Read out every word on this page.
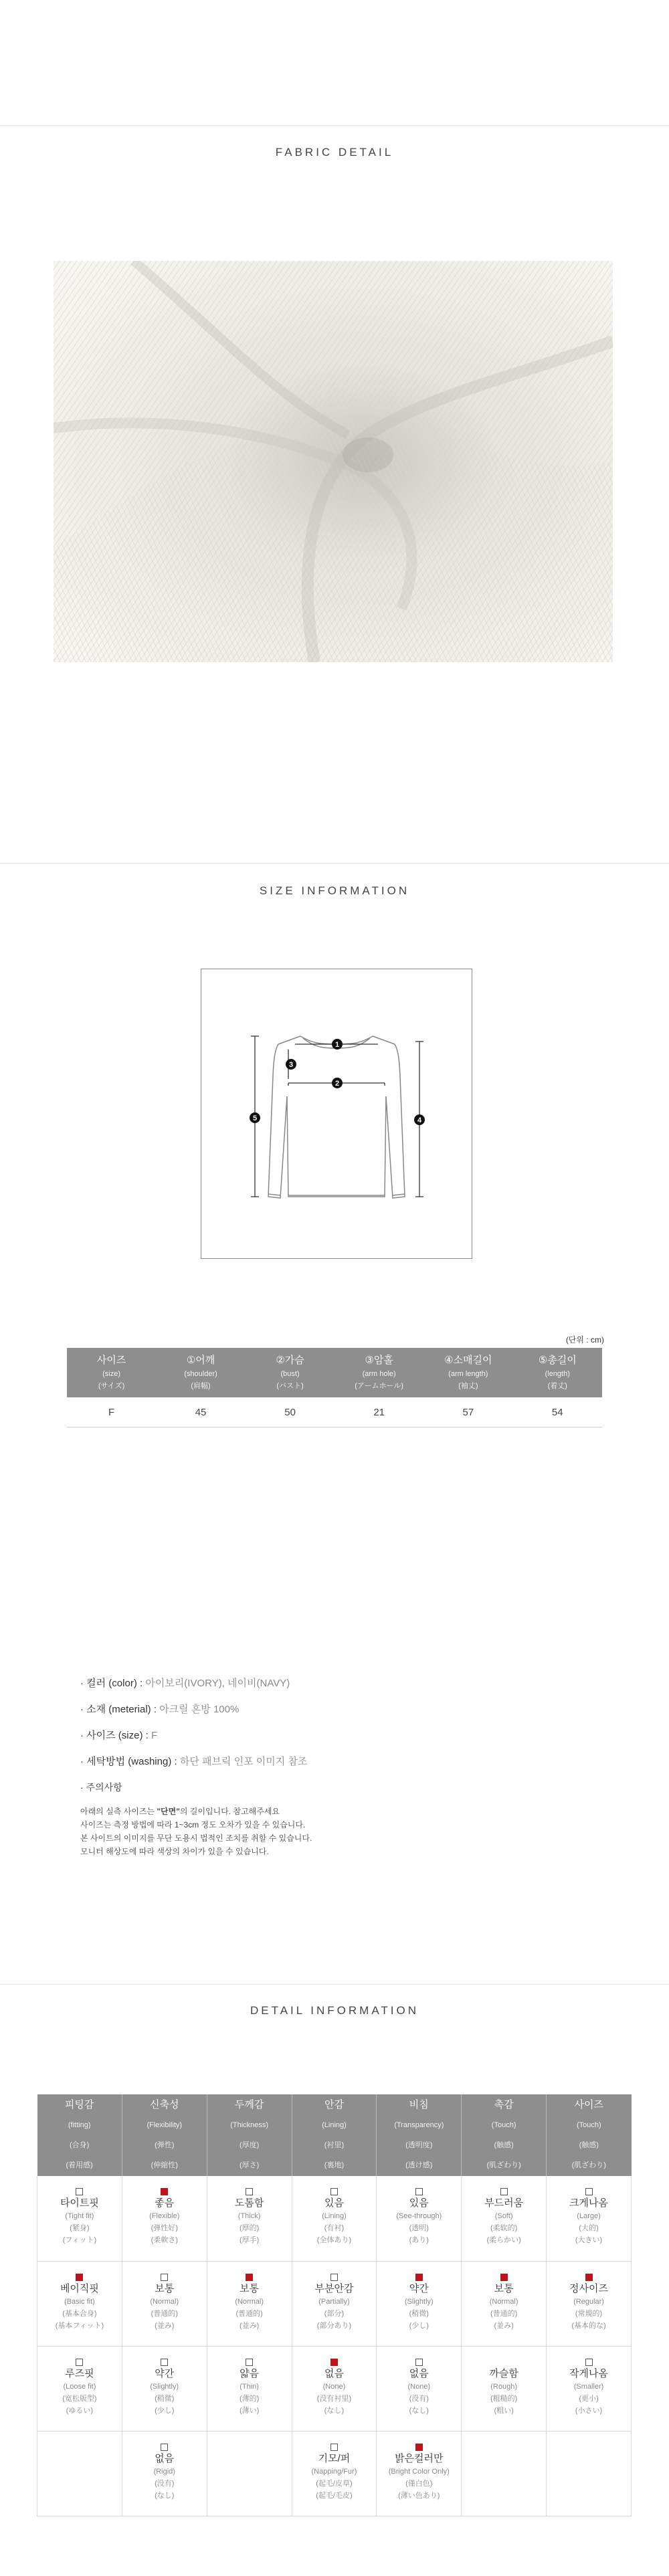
FABRIC DETAIL
SIZE INFORMATION
1
2
3
4
5
(단위 : cm)
사이즈
(size)
(サイズ)	①어깨
(shoulder)
(肩幅)	②가슴
(bust)
(バスト)	③암홀
(arm hole)
(アームホール)	④소매길이
(arm length)
(袖丈)	⑤총길이
(length)
(着丈)

F	45	50	21	57	54
· 컬러 (color) : 아이보리(IVORY), 네이비(NAVY)
· 소재 (meterial) : 아크릴 혼방 100%
· 사이즈 (size) : F
· 세탁방법 (washing) : 하단 패브릭 인포 이미지 참조
· 주의사항
아래의 실측 사이즈는 "단면"의 길이입니다. 참고해주세요
사이즈는 측정 방법에 따라 1~3cm 정도 오차가 있을 수 있습니다.
본 사이트의 이미지를 무단 도용시 법적인 조치를 취할 수 있습니다.
모니터 해상도에 따라 색상의 차이가 있을 수 있습니다.
DETAIL INFORMATION
피팅감
(fitting)
(合身)
(着用感)	신축성
(Flexibility)
(弹性)
(伸縮性)	두께감
(Thickness)
(厚度)
(厚さ)	안감
(Lining)
(衬里)
(裏地)	비침
(Transparency)
(透明度)
(透け感)	촉감
(Touch)
(触感)
(肌ざわり)	사이즈
(Touch)
(触感)
(肌ざわり)

타이트핏
(Tight fit)
(紧身)
(フィット)	좋음
(Flexible)
(弹性好)
(柔軟さ)	도톰함
(Thick)
(厚的)
(厚手)	있음
(Lining)
(有衬)
(全体あり)	있음
(See-through)
(透明)
(あり)	부드러움
(Soft)
(柔软的)
(柔らかい)	크게나옴
(Large)
(大的)
(大きい)

베이직핏
(Basic fit)
(基本合身)
(基本フィット)	보통
(Normal)
(普通的)
(並み)	보통
(Normal)
(普通的)
(並み)	부분안감
(Partially)
(部分)
(部分あり)	약간
(Slightly)
(稍微)
(少し)	보통
(Normal)
(普通的)
(並み)	정사이즈
(Regular)
(常規的)
(基本的な)

루즈핏
(Loose fit)
(宽松版型)
(ゆるい)	약간
(Slightly)
(稍微)
(少し)	얇음
(Thin)
(薄的)
(薄い)	없음
(None)
(没有衬里)
(なし)	없음
(None)
(没有)
(なし)	까슬함
(Rough)
(粗糙的)
(粗い)	작게나옴
(Smaller)
(更小)
(小さい)

	없음
(Rigid)
(没有)
(なし)		기모/퍼
(Napping/Fur)
(起毛/皮草)
(起毛/毛皮)	밝은컬러만
(Bright Color Only)
(僅白色)
(薄い色あり)		
